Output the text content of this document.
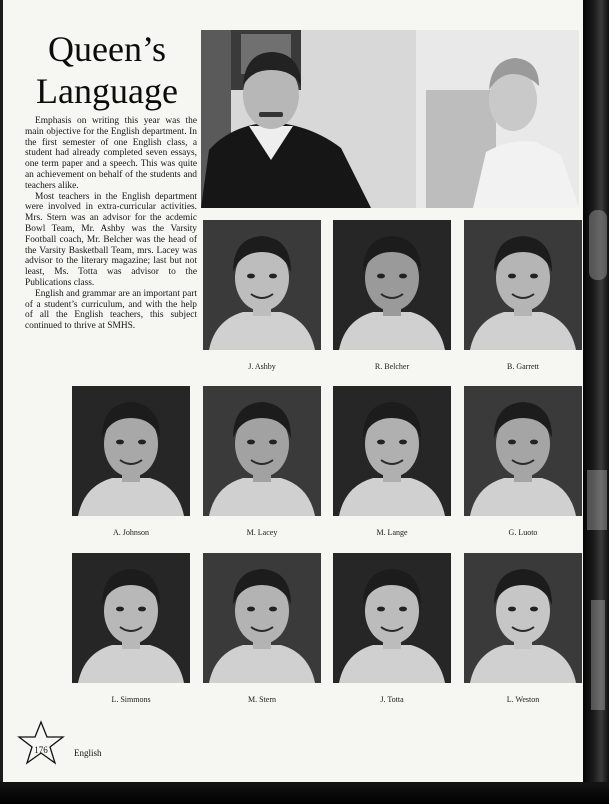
Queen’s
Language

Emphasis on writing this year was the main objective for the English department. In the first semester of one English class, a student had already completed seven essays, one term paper and a speech. This was quite an achievement on behalf of the students and teachers alike.

Most teachers in the English department were involved in extra-curricular activities. Mrs. Stern was an advisor for the acdemic Bowl Team, Mr. Ashby was the Varsity Football coach, Mr. Belcher was the head of the Varsity Basketball Team, mrs. Lacey was advisor to the literary magazine; last but not least, Ms. Totta was advisor to the Publications class.

English and grammar are an important part of a student’s curriculum, and with the help of all the English teachers, this subject continued to thrive at SMHS.

J. Ashby	R. Belcher	B. Garrett
A. Johnson	M. Lacey	M. Lange	G. Luoto
L. Simmons	M. Stern	J. Totta	L. Weston
176	English
